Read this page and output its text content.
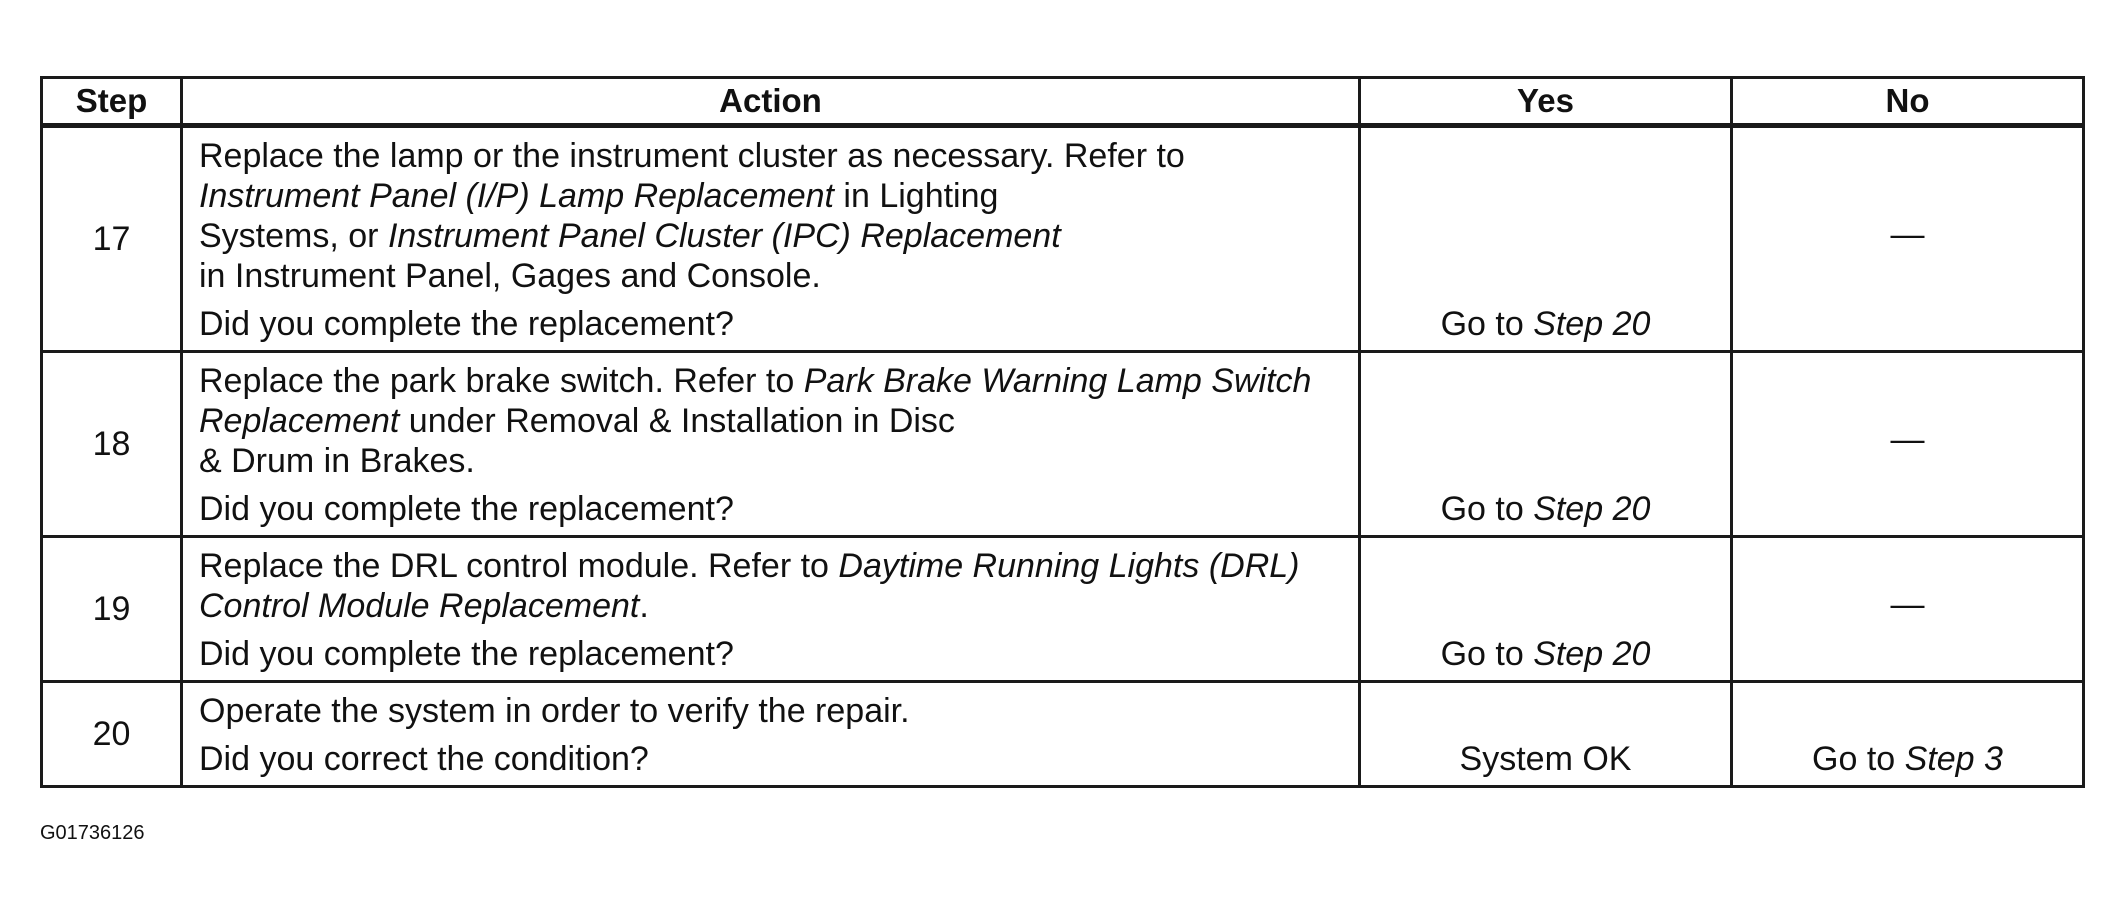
Step	Action	Yes	No
17	Replace the lamp or the instrument cluster as necessary. Refer to
Instrument Panel (I/P) Lamp Replacement in Lighting
Systems, or Instrument Panel Cluster (IPC) Replacement
in Instrument Panel, Gages and Console.
Did you complete the replacement?	Go to Step 20	—

18	Replace the park brake switch. Refer to Park Brake Warning Lamp Switch Replacement under Removal & Installation in Disc
& Drum in Brakes.
Did you complete the replacement?	Go to Step 20	—

19	Replace the DRL control module. Refer to Daytime Running Lights (DRL) Control Module Replacement.
Did you complete the replacement?	Go to Step 20	—

20	Operate the system in order to verify the repair.
Did you correct the condition?	System OK	Go to Step 3
G01736126
